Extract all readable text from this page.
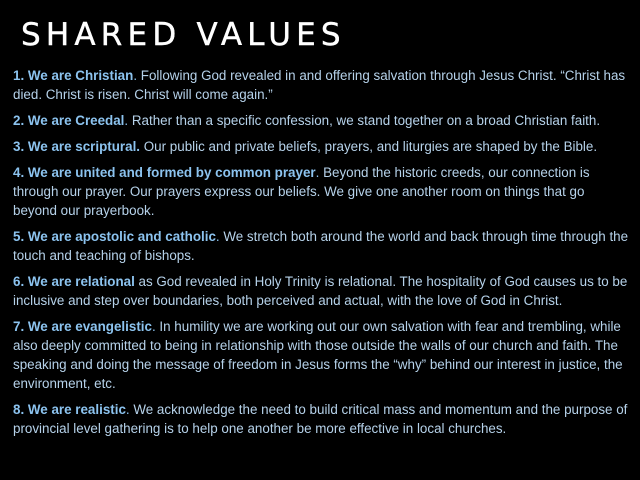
SHARED VALUES
1. We are Christian. Following God revealed in and offering salvation through Jesus Christ. “Christ has died. Christ is risen. Christ will come again.”
2. We are Creedal. Rather than a specific confession, we stand together on a broad Christian faith.
3. We are scriptural. Our public and private beliefs, prayers, and liturgies are shaped by the Bible.
4. We are united and formed by common prayer. Beyond the historic creeds, our connection is through our prayer. Our prayers express our beliefs. We give one another room on things that go beyond our prayerbook.
5. We are apostolic and catholic. We stretch both around the world and back through time through the touch and teaching of bishops.
6. We are relational as God revealed in Holy Trinity is relational. The hospitality of God causes us to be inclusive and step over boundaries, both perceived and actual, with the love of God in Christ.
7. We are evangelistic. In humility we are working out our own salvation with fear and trembling, while also deeply committed to being in relationship with those outside the walls of our church and faith. The speaking and doing the message of freedom in Jesus forms the “why” behind our interest in justice, the environment, etc.
8. We are realistic. We acknowledge the need to build critical mass and momentum and the purpose of provincial level gathering is to help one another be more effective in local churches.
